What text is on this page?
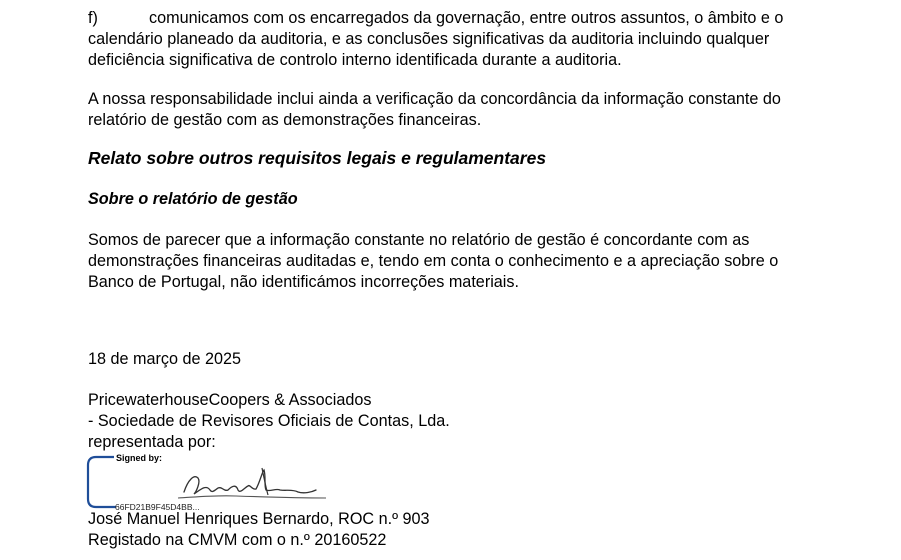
f)	comunicamos com os encarregados da governação, entre outros assuntos, o âmbito e o
calendário planeado da auditoria, e as conclusões significativas da auditoria incluindo qualquer
deficiência significativa de controlo interno identificada durante a auditoria.
A nossa responsabilidade inclui ainda a verificação da concordância da informação constante do
relatório de gestão com as demonstrações financeiras.
Relato sobre outros requisitos legais e regulamentares
Sobre o relatório de gestão
Somos de parecer que a informação constante no relatório de gestão é concordante com as
demonstrações financeiras auditadas e, tendo em conta o conhecimento e a apreciação sobre o
Banco de Portugal, não identificámos incorreções materiais.
18 de março de 2025
PricewaterhouseCoopers & Associados
- Sociedade de Revisores Oficiais de Contas, Lda.
representada por:
Signed by:
66FD21B9F45D4BB...
José Manuel Henriques Bernardo, ROC n.º 903
Registado na CMVM com o n.º 20160522
